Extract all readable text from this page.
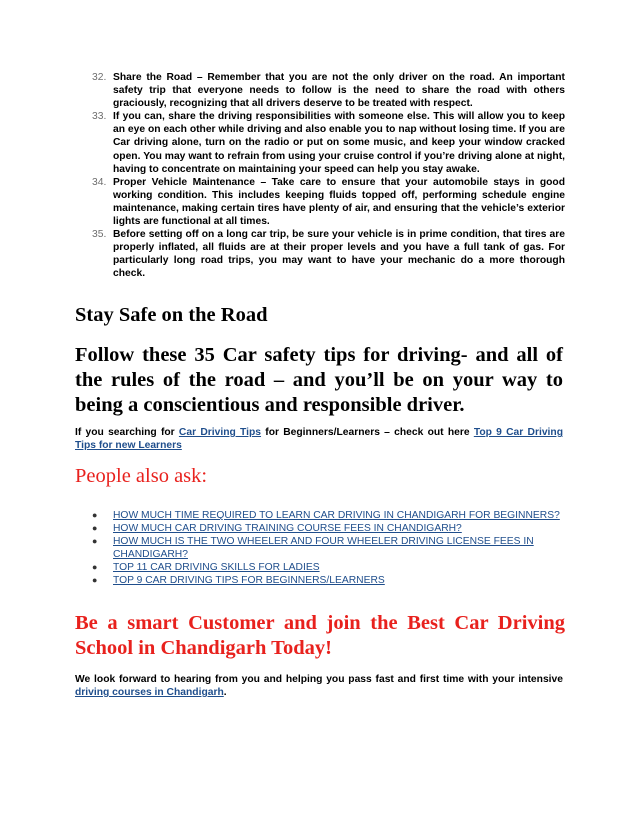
32. Share the Road – Remember that you are not the only driver on the road. An important safety trip that everyone needs to follow is the need to share the road with others graciously, recognizing that all drivers deserve to be treated with respect.
33. If you can, share the driving responsibilities with someone else. This will allow you to keep an eye on each other while driving and also enable you to nap without losing time. If you are Car driving alone, turn on the radio or put on some music, and keep your window cracked open. You may want to refrain from using your cruise control if you’re driving alone at night, having to concentrate on maintaining your speed can help you stay awake.
34. Proper Vehicle Maintenance – Take care to ensure that your automobile stays in good working condition. This includes keeping fluids topped off, performing schedule engine maintenance, making certain tires have plenty of air, and ensuring that the vehicle’s exterior lights are functional at all times.
35. Before setting off on a long car trip, be sure your vehicle is in prime condition, that tires are properly inflated, all fluids are at their proper levels and you have a full tank of gas. For particularly long road trips, you may want to have your mechanic do a more thorough check.
Stay Safe on the Road
Follow these 35 Car safety tips for driving- and all of the rules of the road – and you’ll be on your way to being a conscientious and responsible driver.

If you searching for Car Driving Tips for Beginners/Learners – check out here Top 9 Car Driving Tips for new Learners

People also ask:
● HOW MUCH TIME REQUIRED TO LEARN CAR DRIVING IN CHANDIGARH FOR BEGINNERS?
● HOW MUCH CAR DRIVING TRAINING COURSE FEES IN CHANDIGARH?
● HOW MUCH IS THE TWO WHEELER AND FOUR WHEELER DRIVING LICENSE FEES IN CHANDIGARH?
● TOP 11 CAR DRIVING SKILLS FOR LADIES
● TOP 9 CAR DRIVING TIPS FOR BEGINNERS/LEARNERS
Be a smart Customer and join the Best Car Driving School in Chandigarh Today!

We look forward to hearing from you and helping you pass fast and first time with your intensive driving courses in Chandigarh.
